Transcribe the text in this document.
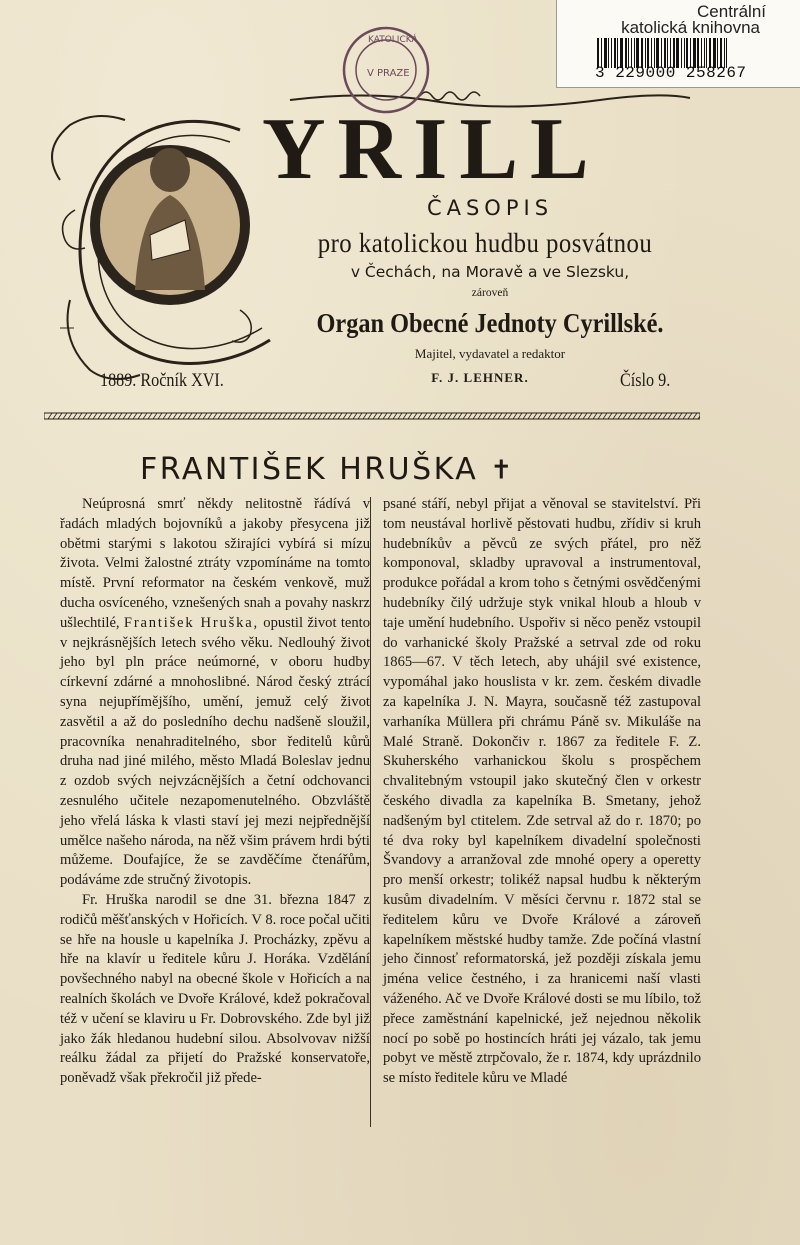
Centrální
katolická knihovna
3 229000 258267
YRILL
KATOLICKÁ
V PRAZE
ČASOPIS
pro katolickou hudbu posvátnou
v Čechách, na Moravě a ve Slezsku,
zároveň
Organ Obecné Jednoty Cyrillské.
Majitel, vydavatel a redaktor
F. J. LEHNER.
1889. Ročník XVI.	Číslo 9.
FRANTIŠEK HRUŠKA ✝

Neúprosná smrť někdy nelitostně řádívá v řadách mladých bojovníků a jakoby přesycena již obětmi starými s lakotou sžirajíci vybírá si mízu života. Velmi žalostné ztráty vzpomínáme na tomto místě. První reformator na českém venkově, muž ducha osvíceného, vznešených snah a povahy naskrz ušlechtilé, František Hruška, opustil život tento v nejkrásnějších letech svého věku. Nedlouhý život jeho byl pln práce neúmorné, v oboru hudby církevní zdárné a mnohoslibné. Národ český ztrácí syna nejupřímějšího, umění, jemuž celý život zasvětil a až do posledního dechu nadšeně sloužil, pracovníka nenahraditelného, sbor ředitelů kůrů druha nad jiné milého, město Mladá Boleslav jednu z ozdob svých nejvzácnějších a četní odchovanci zesnulého učitele nezapomenutelného. Obzvláště jeho vřelá láska k vlasti staví jej mezi nejpřednější umělce našeho národa, na něž všim právem hrdi býti můžeme. Doufajíce, že se zavděčíme čtenářům, podáváme zde stručný životopis.

Fr. Hruška narodil se dne 31. března 1847 z rodičů měšťanských v Hořicích. V 8. roce počal učiti se hře na housle u kapelníka J. Procházky, zpěvu a hře na klavír u ředitele kůru J. Horáka. Vzdělání povšechného nabyl na obecné škole v Hořicích a na realních školách ve Dvoře Králové, kdež pokračoval též v učení se klaviru u Fr. Dobrovského. Zde byl již jako žák hledanou hudební silou. Absolvovav nižší reálku žádal za přijetí do Pražské konservatoře, poněvadž však překročil již přede-

psané stáří, nebyl přijat a věnoval se stavitelství. Při tom neustával horlivě pěstovati hudbu, zřídiv si kruh hudebníkův a pěvců ze svých přátel, pro něž komponoval, skladby upravoval a instrumentoval, produkce pořádal a krom toho s četnými osvědčenými hudebníky čilý udržuje styk vnikal hloub a hloub v taje umění hudebního. Uspořiv si něco peněz vstoupil do varhanické školy Pražské a setrval zde od roku 1865—67. V těch letech, aby uhájil své existence, vypomáhal jako houslista v kr. zem. českém divadle za kapelníka J. N. Mayra, současně též zastupoval varhaníka Müllera při chrámu Páně sv. Mikuláše na Malé Straně. Dokončiv r. 1867 za ředitele F. Z. Skuherského varhanickou školu s prospěchem chvalitebným vstoupil jako skutečný člen v orkestr českého divadla za kapelníka B. Smetany, jehož nadšeným byl ctitelem. Zde setrval až do r. 1870; po té dva roky byl kapelníkem divadelní společnosti Švandovy a arranžoval zde mnohé opery a operetty pro menší orkestr; tolikéž napsal hudbu k některým kusům divadelním. V měsíci červnu r. 1872 stal se ředitelem kůru ve Dvoře Králové a zároveň kapelníkem městské hudby tamže. Zde počíná vlastní jeho činnosť reformatorská, jež později získala jemu jména velice čestného, i za hranicemi naší vlasti váženého. Ač ve Dvoře Králové dosti se mu líbilo, tož přece zaměstnání kapelnické, jež nejednou několik nocí po sobě po hostincích hráti jej vázalo, tak jemu pobyt ve městě ztrpčovalo, že r. 1874, kdy uprázdnilo se místo ředitele kůru ve Mladé
